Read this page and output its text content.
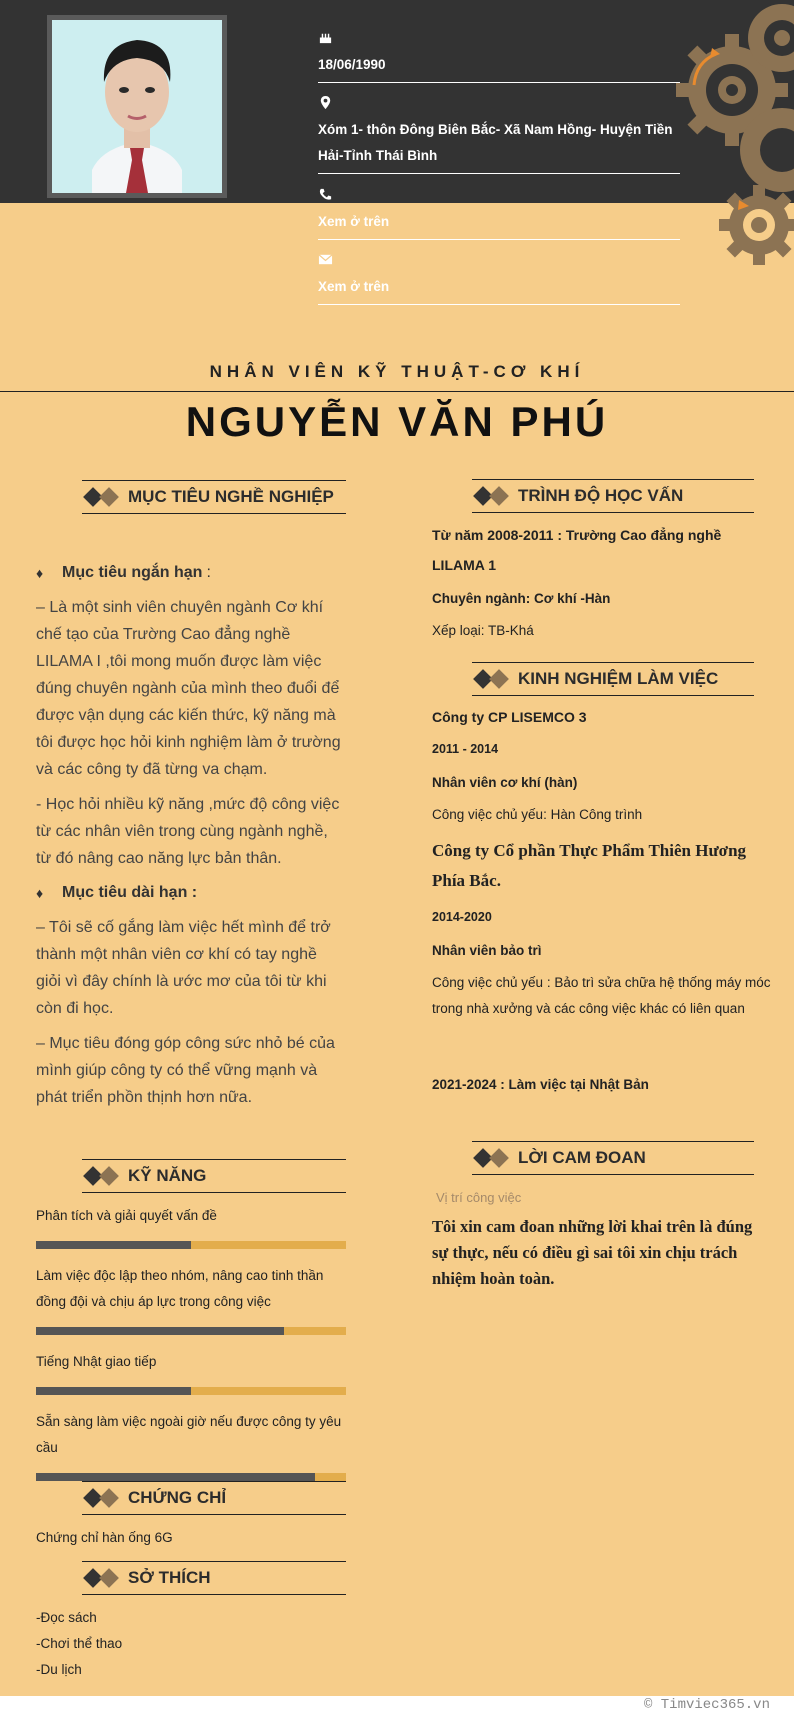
18/06/1990
Xóm 1- thôn Đông Biên Bắc- Xã Nam Hồng- Huyện Tiền Hải-Tỉnh Thái Bình
Xem ở trên
Xem ở trên
NHÂN VIÊN KỸ THUẬT-CƠ KHÍ
NGUYỄN VĂN PHÚ
MỤC TIÊU NGHỀ NGHIỆP
♦	Mục tiêu ngắn hạn :

– Là một sinh viên chuyên ngành Cơ khí chế tạo của Trường Cao đẳng nghề LILAMA I ,tôi mong muốn được làm việc đúng chuyên ngành của mình theo đuổi để được vận dụng các kiến thức, kỹ năng mà tôi được học hỏi kinh nghiệm làm ở trường và các công ty đã từng va chạm.

- Học hỏi nhiều kỹ năng ,mức độ công việc từ các nhân viên trong cùng ngành nghề, từ đó nâng cao năng lực bản thân.

♦	Mục tiêu dài hạn :

– Tôi sẽ cố gắng làm việc hết mình để trở thành một nhân viên cơ khí có tay nghề giỏi vì đây chính là ước mơ của tôi từ khi còn đi học.

– Mục tiêu đóng góp công sức nhỏ bé của mình giúp công ty có thể vững mạnh và phát triển phồn thịnh hơn nữa.

KỸ NĂNG
Phân tích và giải quyết vấn đề
Làm việc độc lập theo nhóm, nâng cao tinh thần đồng đội và chịu áp lực trong công việc
Tiếng Nhật giao tiếp
Sẵn sàng làm việc ngoài giờ nếu được công ty yêu cầu
CHỨNG CHỈ
Chứng chỉ hàn ống 6G
SỞ THÍCH
-Đọc sách
-Chơi thể thao
-Du lịch
TRÌNH ĐỘ HỌC VẤN
Từ năm 2008-2011 : Trường Cao đẳng nghề LILAMA 1
Chuyên ngành: Cơ khí -Hàn
Xếp loại: TB-Khá
KINH NGHIỆM LÀM VIỆC
Công ty CP LISEMCO 3
2011 - 2014
Nhân viên cơ khí (hàn)
Công việc chủ yếu: Hàn Công trình
Công ty Cổ phần Thực Phẩm Thiên Hương Phía Bắc.
2014-2020
Nhân viên bảo trì
Công việc chủ yếu : Bảo trì sửa chữa hệ thống máy móc trong nhà xưởng và các công việc khác có liên quan
2021-2024 : Làm việc tại Nhật Bản
LỜI CAM ĐOAN
Vị trí công việc
Tôi xin cam đoan những lời khai trên là đúng sự thực, nếu có điều gì sai tôi xin chịu trách nhiệm hoàn toàn.
© Timviec365.vn
